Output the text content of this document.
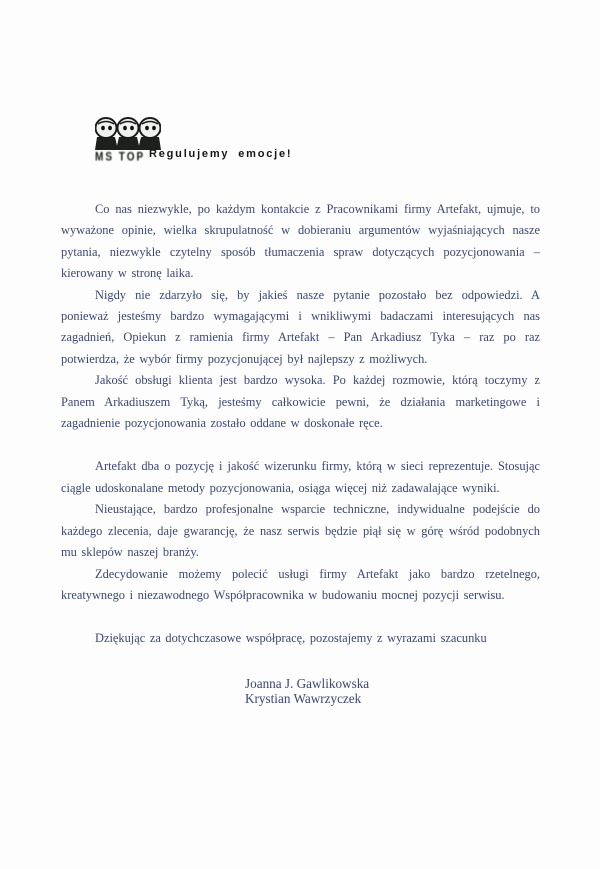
MS TOP Regulujemy emocje!

Co nas niezwykle, po każdym kontakcie z Pracownikami firmy Artefakt, ujmuje, to wyważone opinie, wielka skrupulatność w dobieraniu argumentów wyjaśniających nasze pytania, niezwykle czytelny sposób tłumaczenia spraw dotyczących pozycjonowania – kierowany w stronę laika.

Nigdy nie zdarzyło się, by jakieś nasze pytanie pozostało bez odpowiedzi. A ponieważ jesteśmy bardzo wymagającymi i wnikliwymi badaczami interesujących nas zagadnień, Opiekun z ramienia firmy Artefakt – Pan Arkadiusz Tyka – raz po raz potwierdza, że wybór firmy pozycjonującej był najlepszy z możliwych.

Jakość obsługi klienta jest bardzo wysoka. Po każdej rozmowie, którą toczymy z Panem Arkadiuszem Tyką, jesteśmy całkowicie pewni, że działania marketingowe i zagadnienie pozycjonowania zostało oddane w doskonałe ręce.

Artefakt dba o pozycję i jakość wizerunku firmy, którą w sieci reprezentuje. Stosując ciągle udoskonalane metody pozycjonowania, osiąga więcej niż zadawalające wyniki.

Nieustające, bardzo profesjonalne wsparcie techniczne, indywidualne podejście do każdego zlecenia, daje gwarancję, że nasz serwis będzie piął się w górę wśród podobnych mu sklepów naszej branży.

Zdecydowanie możemy polecić usługi firmy Artefakt jako bardzo rzetelnego, kreatywnego i niezawodnego Współpracownika w budowaniu mocnej pozycji serwisu.

Dziękując za dotychczasowe współpracę, pozostajemy z wyrazami szacunku

Joanna J. Gawlikowska
Krystian Wawrzyczek
